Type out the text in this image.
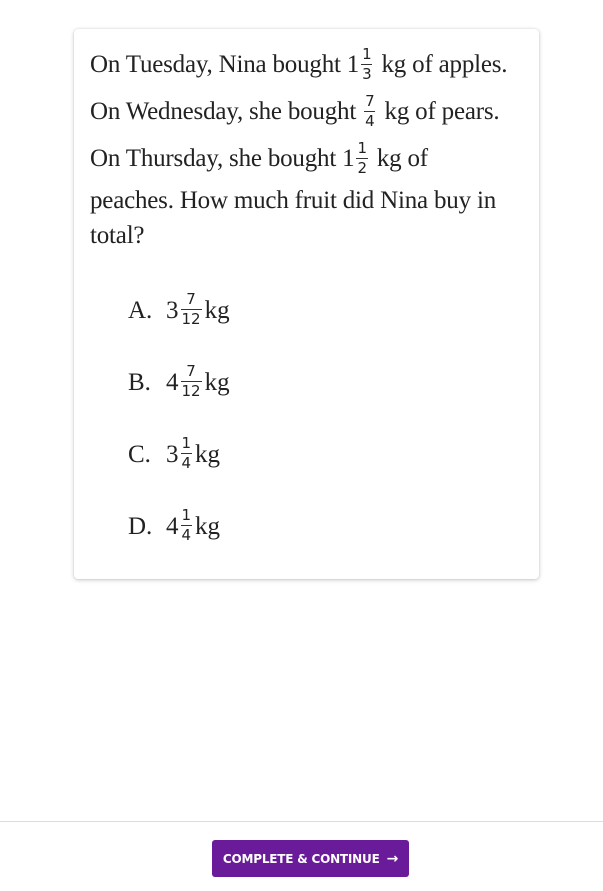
On Tuesday, Nina bought $1 \frac{1}{3}$ kg of apples.
On Wednesday, she bought $\frac{7}{4}$ kg of pears.
On Thursday, she bought $1 \frac{1}{2}$ kg of
peaches. How much fruit did Nina buy in
total?
A. $3 \frac{7}{12}$ kg
B. $4 \frac{7}{12}$ kg
C. $3 \frac{1}{4}$ kg
D. $4 \frac{1}{4}$ kg
COMPLETE & CONTINUE →
